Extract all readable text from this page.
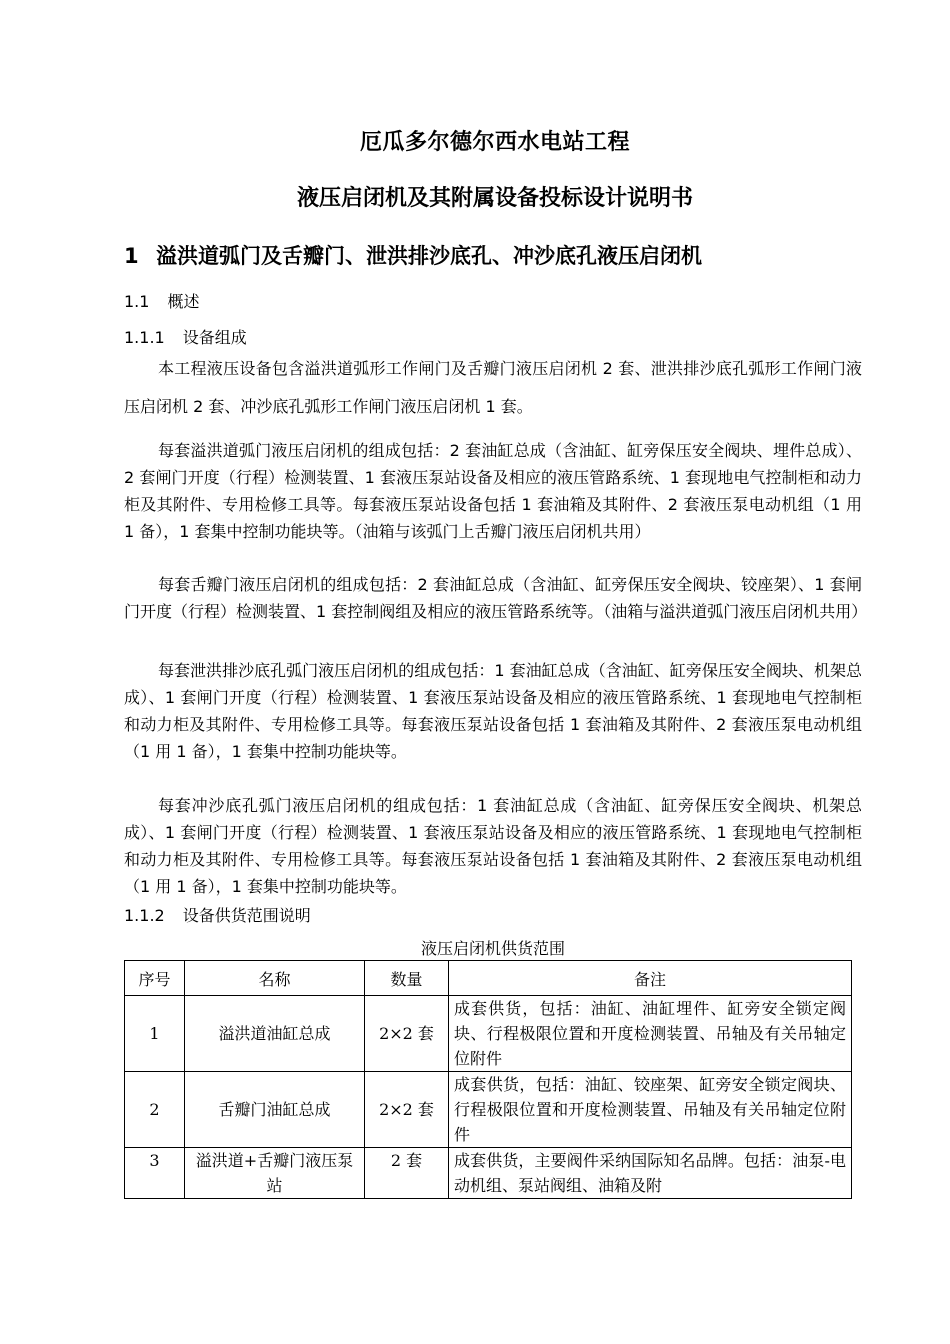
厄瓜多尔德尔西水电站工程
液压启闭机及其附属设备投标设计说明书
1 溢洪道弧门及舌瓣门、泄洪排沙底孔、冲沙底孔液压启闭机
1.1 概述
1.1.1 设备组成

本工程液压设备包含溢洪道弧形工作闸门及舌瓣门液压启闭机 2 套、泄洪排沙底孔弧形工作闸门液压启闭机 2 套、冲沙底孔弧形工作闸门液压启闭机 1 套。

每套溢洪道弧门液压启闭机的组成包括：2 套油缸总成（含油缸、缸旁保压安全阀块、埋件总成）、2 套闸门开度（行程）检测装置、1 套液压泵站设备及相应的液压管路系统、1 套现地电气控制柜和动力柜及其附件、专用检修工具等。每套液压泵站设备包括 1 套油箱及其附件、2 套液压泵电动机组（1 用 1 备），1 套集中控制功能块等。（油箱与该弧门上舌瓣门液压启闭机共用）

每套舌瓣门液压启闭机的组成包括：2 套油缸总成（含油缸、缸旁保压安全阀块、铰座架）、1 套闸门开度（行程）检测装置、1 套控制阀组及相应的液压管路系统等。（油箱与溢洪道弧门液压启闭机共用）

每套泄洪排沙底孔弧门液压启闭机的组成包括：1 套油缸总成（含油缸、缸旁保压安全阀块、机架总成）、1 套闸门开度（行程）检测装置、1 套液压泵站设备及相应的液压管路系统、1 套现地电气控制柜和动力柜及其附件、专用检修工具等。每套液压泵站设备包括 1 套油箱及其附件、2 套液压泵电动机组（1 用 1 备），1 套集中控制功能块等。

每套冲沙底孔弧门液压启闭机的组成包括：1 套油缸总成（含油缸、缸旁保压安全阀块、机架总成）、1 套闸门开度（行程）检测装置、1 套液压泵站设备及相应的液压管路系统、1 套现地电气控制柜和动力柜及其附件、专用检修工具等。每套液压泵站设备包括 1 套油箱及其附件、2 套液压泵电动机组（1 用 1 备），1 套集中控制功能块等。

1.1.2 设备供货范围说明
液压启闭机供货范围
序号	名称	数量	备注
1	溢洪道油缸总成	2×2 套	成套供货，包括：油缸、油缸埋件、缸旁安全锁定阀块、行程极限位置和开度检测装置、吊轴及有关吊轴定位附件
2	舌瓣门油缸总成	2×2 套	成套供货，包括：油缸、铰座架、缸旁安全锁定阀块、行程极限位置和开度检测装置、吊轴及有关吊轴定位附件
3	溢洪道+舌瓣门液压泵站	2 套	成套供货，主要阀件采纳国际知名品牌。包括：油泵-电动机组、泵站阀组、油箱及附
